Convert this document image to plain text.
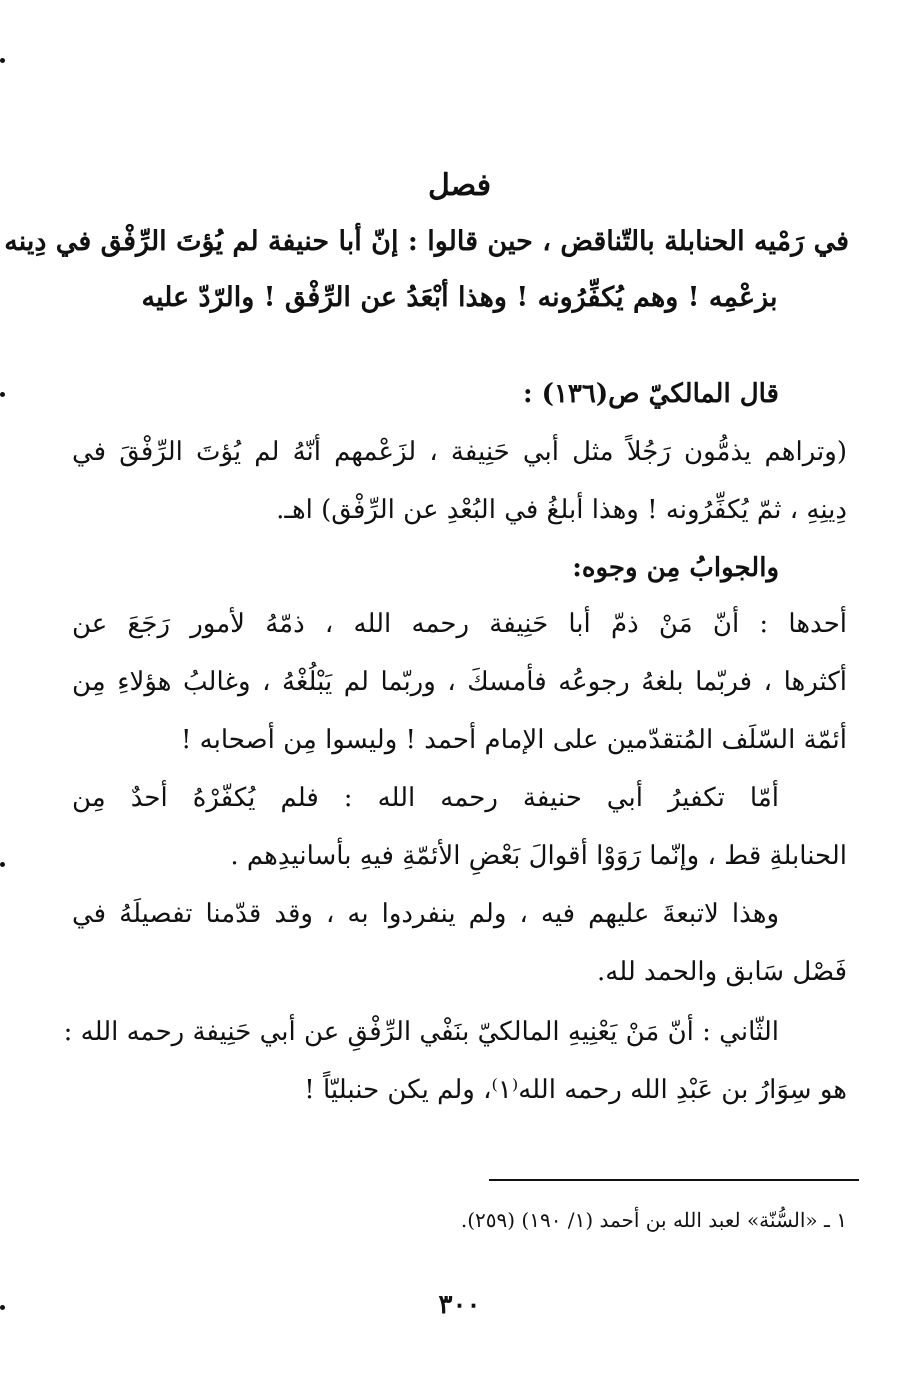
فصل
في رَمْيه الحنابلة بالتّناقض ، حين قالوا : إنّ أبا حنيفة لم يُؤتَ الرِّفْق في دِينه
بزعْمِه ! وهم يُكفِّرُونه ! وهذا أبْعَدُ عن الرِّفْق ! والرّدّ عليه
قال المالكيّ ص(١٣٦) :
(وتراهم يذمُّون رَجُلاً مثل أبي حَنِيفة ، لزَعْمهم أنّهُ لم يُؤتَ الرِّفْقَ في
دِينِهِ ، ثمّ يُكفِّرُونه ! وهذا أبلغُ في البُعْدِ عن الرِّفْق) اهـ.
والجوابُ مِن وجوه:
أحدها : أنّ مَنْ ذمّ أبا حَنِيفة رحمه الله ، ذمّهُ لأمور رَجَعَ عن
أكثرها ، فربّما بلغهُ رجوعُه فأمسكَ ، وربّما لم يَبْلُغْهُ ، وغالبُ هؤلاءِ مِن
أئمّة السّلَف المُتقدّمين على الإمام أحمد ! وليسوا مِن أصحابه !
أمّا تكفيرُ أبي حنيفة رحمه الله : فلم يُكفّرْهُ أحدٌ مِن
الحنابلةِ قط ، وإنّما رَوَوْا أقوالَ بَعْضِ الأئمّةِ فيهِ بأسانيدِهم .
وهذا لاتبعةَ عليهم فيه ، ولم ينفردوا به ، وقد قدّمنا تفصيلَهُ في
فَصْل سَابق والحمد لله.
الثّاني : أنّ مَنْ يَعْنِيهِ المالكيّ بنَفْي الرِّفْقِ عن أبي حَنِيفة رحمه الله :
هو سِوَارُ بن عَبْدِ الله رحمه الله⁽١⁾، ولم يكن حنبليّاً !
١ ـ «السُّنّة» لعبد الله بن أحمد (١/ ١٩٠) (٢٥٩).
٣٠٠
